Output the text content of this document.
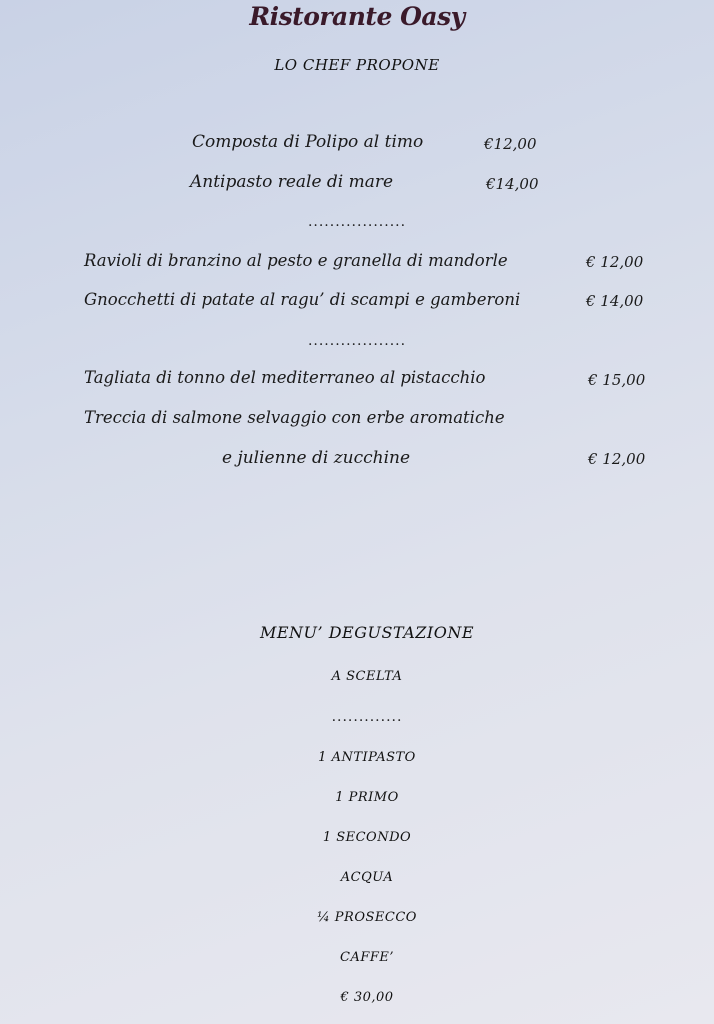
Ristorante Oasy
LO CHEF PROPONE
Composta di Polipo al timo	€12,00
Antipasto reale di mare	€14,00
..................
Ravioli di branzino al pesto e granella di mandorle	€ 12,00
Gnocchetti di patate al ragu’ di scampi e gamberoni	€ 14,00
..................
Tagliata di tonno del mediterraneo al pistacchio	€ 15,00
Treccia di salmone selvaggio con erbe aromatiche
e julienne di zucchine	€ 12,00
MENU’ DEGUSTAZIONE
A SCELTA
.............
1 ANTIPASTO
1 PRIMO
1 SECONDO
ACQUA
¼ PROSECCO
CAFFE’
€ 30,00
